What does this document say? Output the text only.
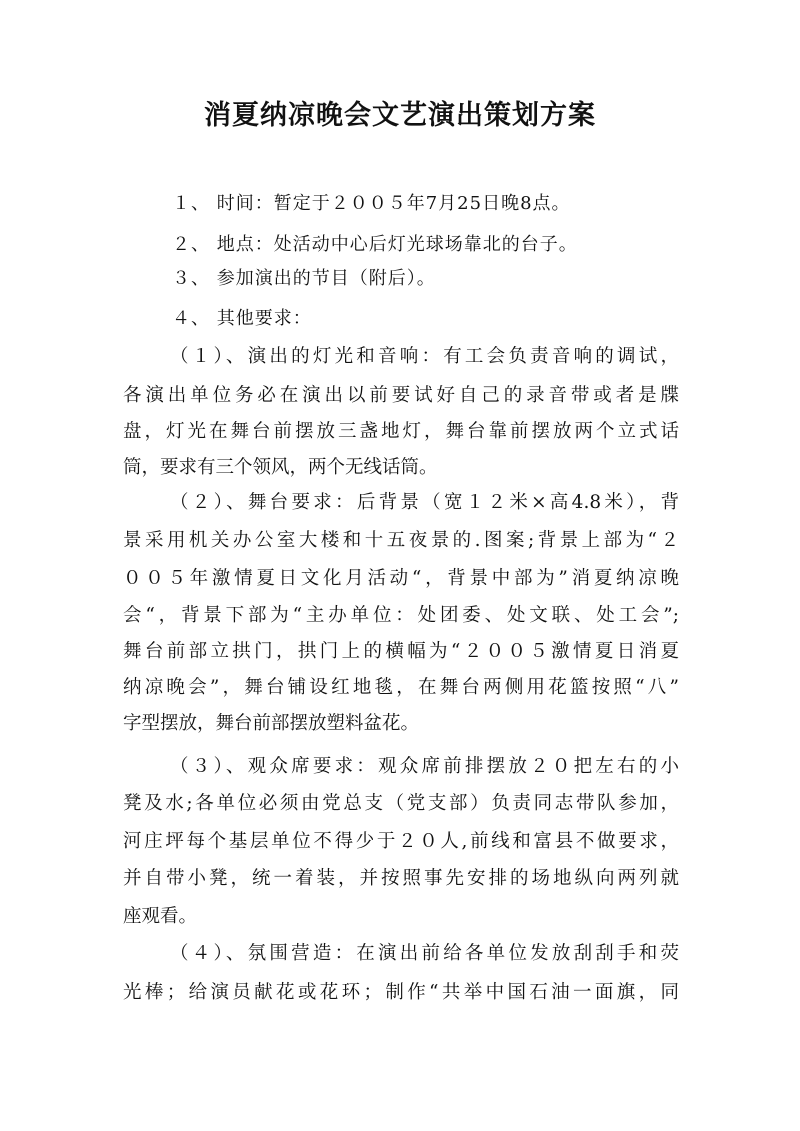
消夏纳凉晚会文艺演出策划方案
１、 时间：暂定于２００５年7月25日晚8点。
２、 地点：处活动中心后灯光球场靠北的台子。
３、 参加演出的节目（附后）。
４、 其他要求：
（１）、演出的灯光和音响：有工会负责音响的调试，
各演出单位务必在演出以前要试好自己的录音带或者是牒
盘，灯光在舞台前摆放三盏地灯，舞台靠前摆放两个立式话
筒，要求有三个领风，两个无线话筒。
（２）、舞台要求：后背景（宽１２米×高4.8米），背
景采用机关办公室大楼和十五夜景的.图案;背景上部为“２
００５年激情夏日文化月活动“，背景中部为”消夏纳凉晚
会“，背景下部为“主办单位：处团委、处文联、处工会”;
舞台前部立拱门，拱门上的横幅为“２００５激情夏日消夏
纳凉晚会”，舞台铺设红地毯，在舞台两侧用花篮按照“八”
字型摆放，舞台前部摆放塑料盆花。
（３）、观众席要求：观众席前排摆放２０把左右的小
凳及水;各单位必须由党总支（党支部）负责同志带队参加，
河庄坪每个基层单位不得少于２０人,前线和富县不做要求，
并自带小凳，统一着装，并按照事先安排的场地纵向两列就
座观看。
（４）、氛围营造：在演出前给各单位发放刮刮手和荧
光棒；给演员献花或花环；制作“共举中国石油一面旗，同
